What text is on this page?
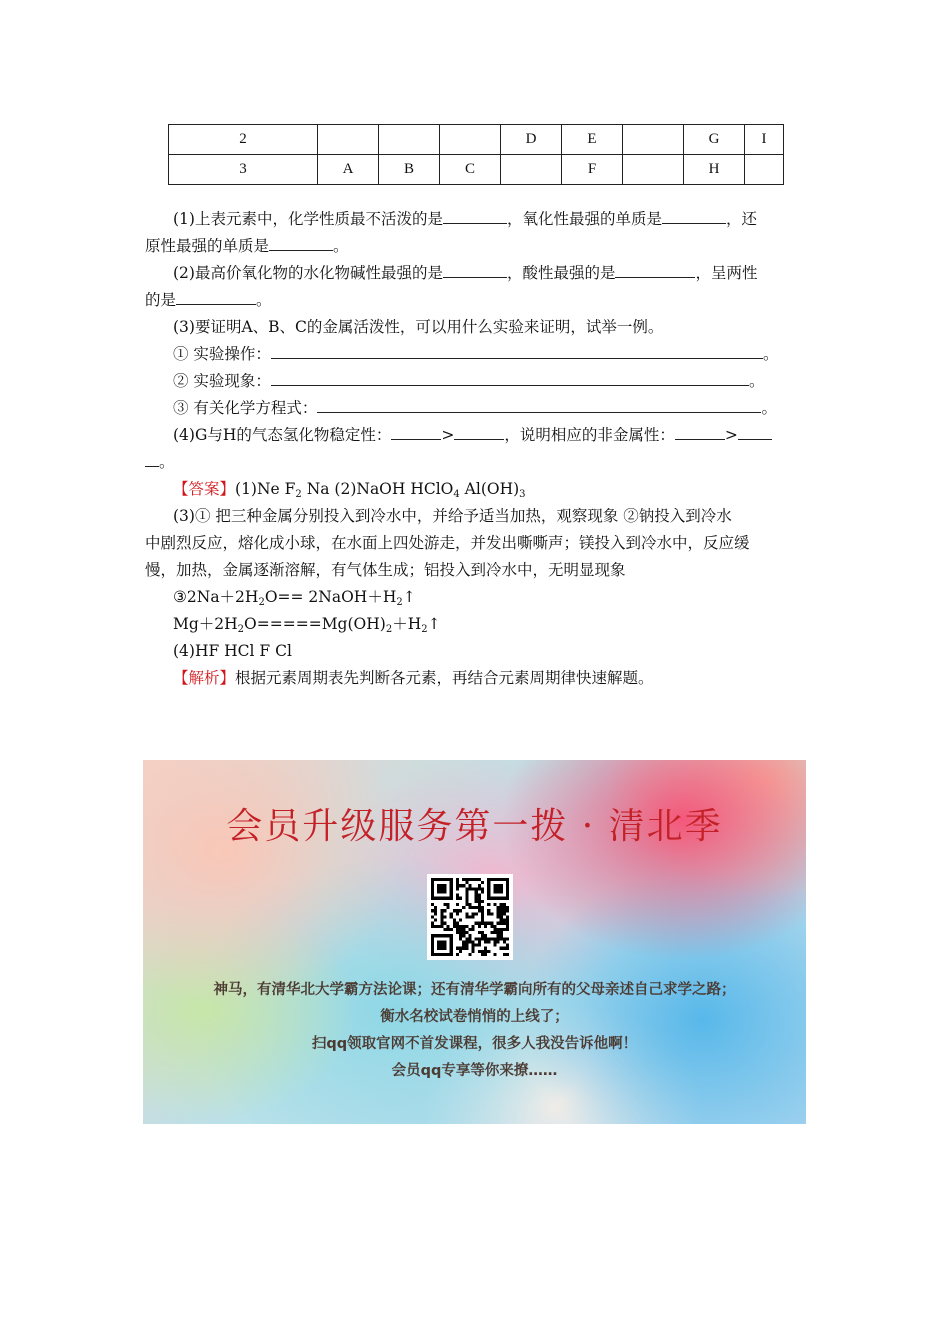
2				D	E		G	I
3	A	B	C		F		H	
(1)上表元素中，化学性质最不活泼的是	，氧化性最强的单质是	，还
原性最强的单质是	。
(2)最高价氧化物的水化物碱性最强的是	，酸性最强的是	，呈两性
的是	。
(3)要证明A、B、C的金属活泼性，可以用什么实验来证明，试举一例。
① 实验操作：	。
② 实验现象：	。
③ 有关化学方程式：	。
(4)G与H的气态氢化物稳定性：	>	，说明相应的非金属性：	>
。
【答案】(1)Ne $F_2$ Na (2)NaOH HClO$_4$ $Al(OH)_3$
(3)① 把三种金属分别投入到冷水中，并给予适当加热，观察现象 ②钠投入到冷水
中剧烈反应，熔化成小球，在水面上四处游走，并发出嘶嘶声；镁投入到冷水中，反应缓
慢，加热，金属逐渐溶解，有气体生成；铝投入到冷水中，无明显现象
$③2Na+2H_2O==$ $2NaOH+H_2↑$
$Mg+2H_2O=====Mg(OH)_2+H_2↑$
(4)HF HCl F Cl
【解析】根据元素周期表先判断各元素，再结合元素周期律快速解题。
会员升级服务第一拨 · 清北季
神马，有清华北大学霸方法论课；还有清华学霸向所有的父母亲述自己求学之路；
衡水名校试卷悄悄的上线了；
扫qq领取官网不首发课程，很多人我没告诉他啊！
会员qq专享等你来撩……
